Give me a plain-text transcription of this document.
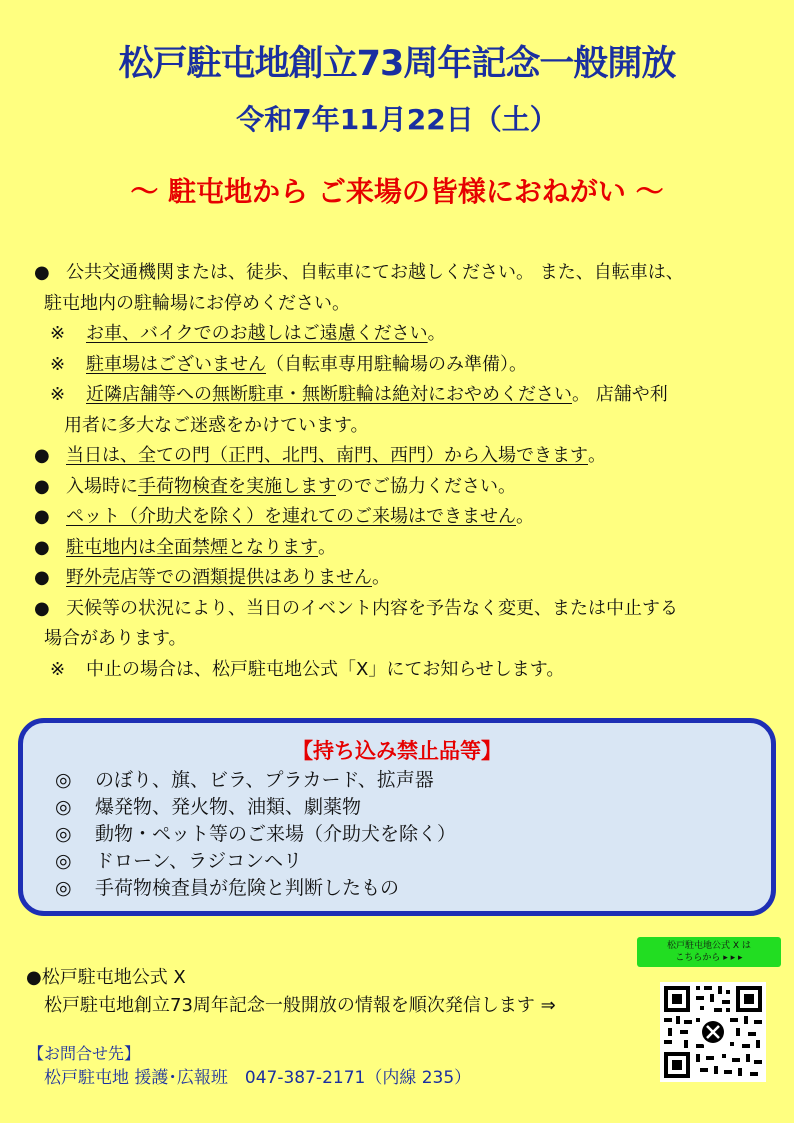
松戸駐屯地創立73周年記念一般開放
令和7年11月22日（土）
～ 駐屯地から ご来場の皆様におねがい ～
● 公共交通機関または、徒歩、自転車にてお越しください。 また、自転車は、
駐屯地内の駐輪場にお停めください。
※	お車、バイクでのお越しはご遠慮ください 。
※	駐車場はございません （自転車専用駐輪場のみ準備）。
※	近隣店舗等への無断駐車・無断駐輪は絶対におやめください 。 店舗や利
用者に多大なご迷惑をかけています。
● 当日は、全ての門（正門、北門、南門、西門）から入場できます 。
● 入場時に 手荷物検査を実施します のでご協力ください。
● ペット（介助犬を除く）を連れてのご来場はできません 。
● 駐屯地内は全面禁煙となります 。
● 野外売店等での酒類提供はありません 。
● 天候等の状況により、当日のイベント内容を予告なく変更、または中止する
場合があります。
※	中止の場合は、松戸駐屯地公式「X」にてお知らせします。
【持ち込み禁止品等】
◎	のぼり、旗、ビラ、プラカード、拡声器
◎	爆発物、発火物、油類、劇薬物
◎	動物・ペット等のご来場（介助犬を除く）
◎	ドローン、ラジコンヘリ
◎	手荷物検査員が危険と判断したもの
●松戸駐屯地公式 X
松戸駐屯地創立73周年記念一般開放の情報を順次発信します ⇒
松戸駐屯地公式 X は
こちらから ▸ ▸ ▸
【お問合せ先】
松戸駐屯地 援護･広報班　047-387-2171（内線 235）
